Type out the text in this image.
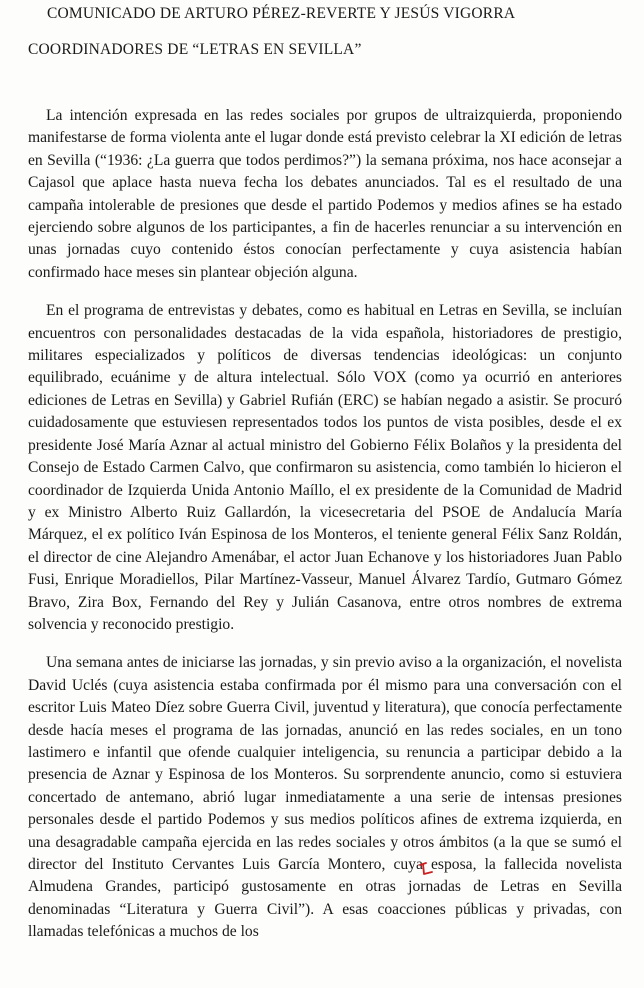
COMUNICADO DE ARTURO PÉREZ-REVERTE Y JESÚS VIGORRA
COORDINADORES DE “LETRAS EN SEVILLA”

La intención expresada en las redes sociales por grupos de ultraizquierda, proponiendo manifestarse de forma violenta ante el lugar donde está previsto celebrar la XI edición de letras en Sevilla (“1936: ¿La guerra que todos perdimos?”) la semana próxima, nos hace aconsejar a Cajasol que aplace hasta nueva fecha los debates anunciados. Tal es el resultado de una campaña intolerable de presiones que desde el partido Podemos y medios afines se ha estado ejerciendo sobre algunos de los participantes, a fin de hacerles renunciar a su intervención en unas jornadas cuyo contenido éstos conocían perfectamente y cuya asistencia habían confirmado hace meses sin plantear objeción alguna.

En el programa de entrevistas y debates, como es habitual en Letras en Sevilla, se incluían encuentros con personalidades destacadas de la vida española, historiadores de prestigio, militares especializados y políticos de diversas tendencias ideológicas: un conjunto equilibrado, ecuánime y de altura intelectual. Sólo VOX (como ya ocurrió en anteriores ediciones de Letras en Sevilla) y Gabriel Rufián (ERC) se habían negado a asistir. Se procuró cuidadosamente que estuviesen representados todos los puntos de vista posibles, desde el ex presidente José María Aznar al actual ministro del Gobierno Félix Bolaños y la presidenta del Consejo de Estado Carmen Calvo, que confirmaron su asistencia, como también lo hicieron el coordinador de Izquierda Unida Antonio Maíllo, el ex presidente de la Comunidad de Madrid y ex Ministro Alberto Ruiz Gallardón, la vicesecretaria del PSOE de Andalucía María Márquez, el ex político Iván Espinosa de los Monteros, el teniente general Félix Sanz Roldán, el director de cine Alejandro Amenábar, el actor Juan Echanove y los historiadores Juan Pablo Fusi, Enrique Moradiellos, Pilar Martínez-Vasseur, Manuel Álvarez Tardío, Gutmaro Gómez Bravo, Zira Box, Fernando del Rey y Julián Casanova, entre otros nombres de extrema solvencia y reconocido prestigio.

Una semana antes de iniciarse las jornadas, y sin previo aviso a la organización, el novelista David Uclés (cuya asistencia estaba confirmada por él mismo para una conversación con el escritor Luis Mateo Díez sobre Guerra Civil, juventud y literatura), que conocía perfectamente desde hacía meses el programa de las jornadas, anunció en las redes sociales, en un tono lastimero e infantil que ofende cualquier inteligencia, su renuncia a participar debido a la presencia de Aznar y Espinosa de los Monteros. Su sorprendente anuncio, como si estuviera concertado de antemano, abrió lugar inmediatamente a una serie de intensas presiones personales desde el partido Podemos y sus medios políticos afines de extrema izquierda, en una desagradable campaña ejercida en las redes sociales y otros ámbitos (a la que se sumó el director del Instituto Cervantes Luis García Montero, cuya esposa, la fallecida novelista Almudena Grandes, participó gustosamente en otras jornadas de Letras en Sevilla denominadas “Literatura y Guerra Civil”). A esas coacciones públicas y privadas, con llamadas telefónicas a muchos de los
